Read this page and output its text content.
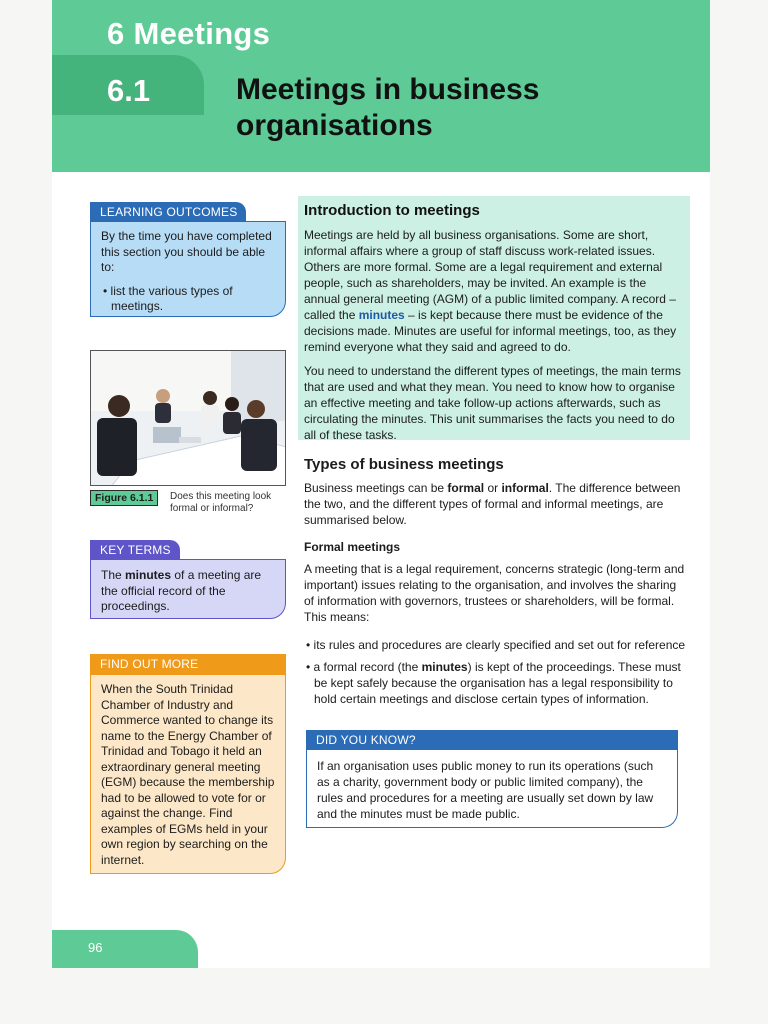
6 Meetings
6.1	Meetings in business organisations
LEARNING OUTCOMES
By the time you have completed this section you should be able to:
• list the various types of meetings.
Figure 6.1.1	Does this meeting look formal or informal?
KEY TERMS
The minutes of a meeting are the official record of the proceedings.
FIND OUT MORE
When the South Trinidad Chamber of Industry and Commerce wanted to change its name to the Energy Chamber of Trinidad and Tobago it held an extraordinary general meeting (EGM) because the membership had to be allowed to vote for or against the change. Find examples of EGMs held in your own region by searching on the internet.
Introduction to meetings

Meetings are held by all business organisations. Some are short, informal affairs where a group of staff discuss work-related issues. Others are more formal. Some are a legal requirement and external people, such as shareholders, may be invited. An example is the annual general meeting (AGM) of a public limited company. A record – called the minutes – is kept because there must be evidence of the decisions made. Minutes are useful for informal meetings, too, as they remind everyone what they said and agreed to do.

You need to understand the different types of meetings, the main terms that are used and what they mean. You need to know how to organise an effective meeting and take follow-up actions afterwards, such as circulating the minutes. This unit summarises the facts you need to do all of these tasks.

Types of business meetings

Business meetings can be formal or informal. The difference between the two, and the different types of formal and informal meetings, are summarised below.

Formal meetings

A meeting that is a legal requirement, concerns strategic (long-term and important) issues relating to the organisation, and involves the sharing of information with governors, trustees or shareholders, will be formal. This means:

• its rules and procedures are clearly specified and set out for reference
• a formal record (the minutes) is kept of the proceedings. These must be kept safely because the organisation has a legal responsibility to hold certain meetings and disclose certain types of information.
DID YOU KNOW?
If an organisation uses public money to run its operations (such as a charity, government body or public limited company), the rules and procedures for a meeting are usually set down by law and the minutes must be made public.
96
